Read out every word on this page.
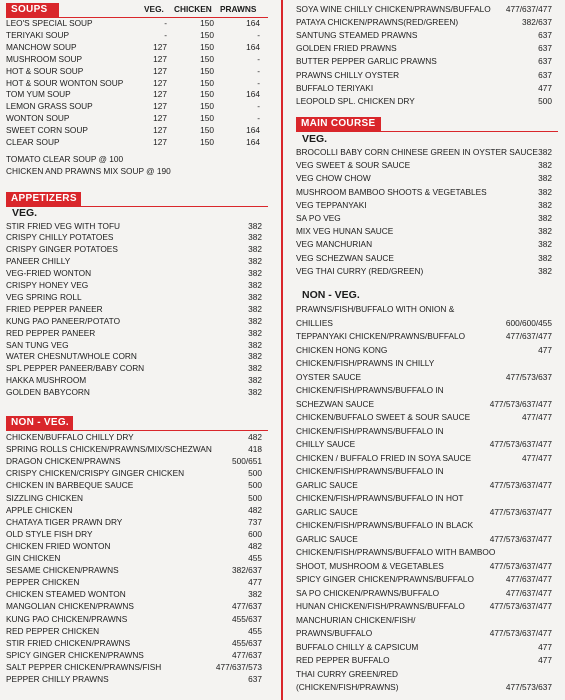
SOUPS	VEG. CHICKEN PRAWNS
LEO'S SPECIAL SOUP	-	150	164
TERIYAKI SOUP	-	150	-
MANCHOW SOUP	127	150	164
MUSHROOM SOUP	127	150	-
HOT & SOUR SOUP	127	150	-
HOT & SOUR WONTON SOUP	127	150	-
TOM YUM SOUP	127	150	164
LEMON GRASS SOUP	127	150	-
WONTON SOUP	127	150	-
SWEET CORN SOUP	127	150	164
CLEAR SOUP	127	150	164
TOMATO CLEAR SOUP @ 100
CHICKEN AND PRAWNS MIX SOUP @ 190
APPETIZERS
VEG.
STIR FRIED VEG WITH TOFU	382
CRISPY CHILLY POTATOES	382
CRISPY GINGER POTATOES	382
PANEER CHILLY	382
VEG-FRIED WONTON	382
CRISPY HONEY VEG	382
VEG SPRING ROLL	382
FRIED PEPPER PANEER	382
KUNG PAO PANEER/POTATO	382
RED PEPPER PANEER	382
SAN TUNG VEG	382
WATER CHESNUT/WHOLE CORN	382
SPL PEPPER PANEER/BABY CORN	382
HAKKA MUSHROOM	382
GOLDEN BABYCORN	382
NON - VEG.
CHICKEN/BUFFALO CHILLY DRY	482
SPRING ROLLS CHICKEN/PRAWNS/MIX/SCHEZWAN	418
DRAGON CHICKEN/PRAWNS	500/651
CRISPY CHICKEN/CRISPY GINGER CHICKEN	500
CHICKEN IN BARBEQUE SAUCE	500
SIZZLING CHICKEN	500
APPLE CHICKEN	482
CHATAYA TIGER PRAWN DRY	737
OLD STYLE FISH DRY	600
CHICKEN FRIED WONTON	482
GIN CHICKEN	455
SESAME CHICKEN/PRAWNS	382/637
PEPPER CHICKEN	477
CHICKEN STEAMED WONTON	382
MANGOLIAN CHICKEN/PRAWNS	477/637
KUNG PAO CHICKEN/PRAWNS	455/637
RED PEPPER CHICKEN	455
STIR FRIED CHICKEN/PRAWNS	455/637
SPICY GINGER CHICKEN/PRAWNS	477/637
SALT PEPPER CHICKEN/PRAWNS/FISH	477/637/573
PEPPER CHILLY PRAWNS	637
SOYA WINE CHILLY CHICKEN/PRAWNS/BUFFALO 477/637/477
PATAYA CHICKEN/PRAWNS(RED/GREEN)	382/637
SANTUNG STEAMED PRAWNS	637
GOLDEN FRIED PRAWNS	637
BUTTER PEPPER GARLIC PRAWNS	637
PRAWNS CHILLY OYSTER	637
BUFFALO TERIYAKI	477
LEOPOLD SPL. CHICKEN DRY	500
MAIN COURSE
VEG.
BROCOLLI BABY CORN CHINESE GREEN IN OYSTER SAUCE 382
VEG SWEET & SOUR SAUCE	382
VEG CHOW CHOW	382
MUSHROOM BAMBOO SHOOTS & VEGETABLES	382
VEG TEPPANYAKI	382
SA PO VEG	382
MIX VEG HUNAN SAUCE	382
VEG MANCHURIAN	382
VEG SCHEZWAN SAUCE	382
VEG THAI CURRY (RED/GREEN)	382
NON - VEG.
PRAWNS/FISH/BUFFALO WITH ONION &
CHILLIES	600/600/455
TEPPANYAKI CHICKEN/PRAWNS/BUFFALO	477/637/477
CHICKEN HONG KONG	477
CHICKEN/FISH/PRAWNS IN CHILLY
OYSTER SAUCE	477/573/637
CHICKEN/FISH/PRAWNS/BUFFALO IN
SCHEZWAN SAUCE	477/573/637/477
CHICKEN/BUFFALO SWEET & SOUR SAUCE	477/477
CHICKEN/FISH/PRAWNS/BUFFALO IN
CHILLY SAUCE	477/573/637/477
CHICKEN / BUFFALO FRIED IN SOYA SAUCE	477/477
CHICKEN/FISH/PRAWNS/BUFFALO IN
GARLIC SAUCE	477/573/637/477
CHICKEN/FISH/PRAWNS/BUFFALO IN HOT
GARLIC SAUCE	477/573/637/477
CHICKEN/FISH/PRAWNS/BUFFALO IN BLACK
GARLIC SAUCE	477/573/637/477
CHICKEN/FISH/PRAWNS/BUFFALO WITH BAMBOO
SHOOT, MUSHROOM & VEGETABLES	477/573/637/477
SPICY GINGER CHICKEN/PRAWNS/BUFFALO	477/637/477
SA PO CHICKEN/PRAWNS/BUFFALO	477/637/477
HUNAN CHICKEN/FISH/PRAWNS/BUFFALO	477/573/637/477
MANCHURIAN CHICKEN/FISH/
PRAWNS/BUFFALO	477/573/637/477
BUFFALO CHILLY & CAPSICUM	477
RED PEPPER BUFFALO	477
THAI CURRY GREEN/RED
(CHICKEN/FISH/PRAWNS)	477/573/637
